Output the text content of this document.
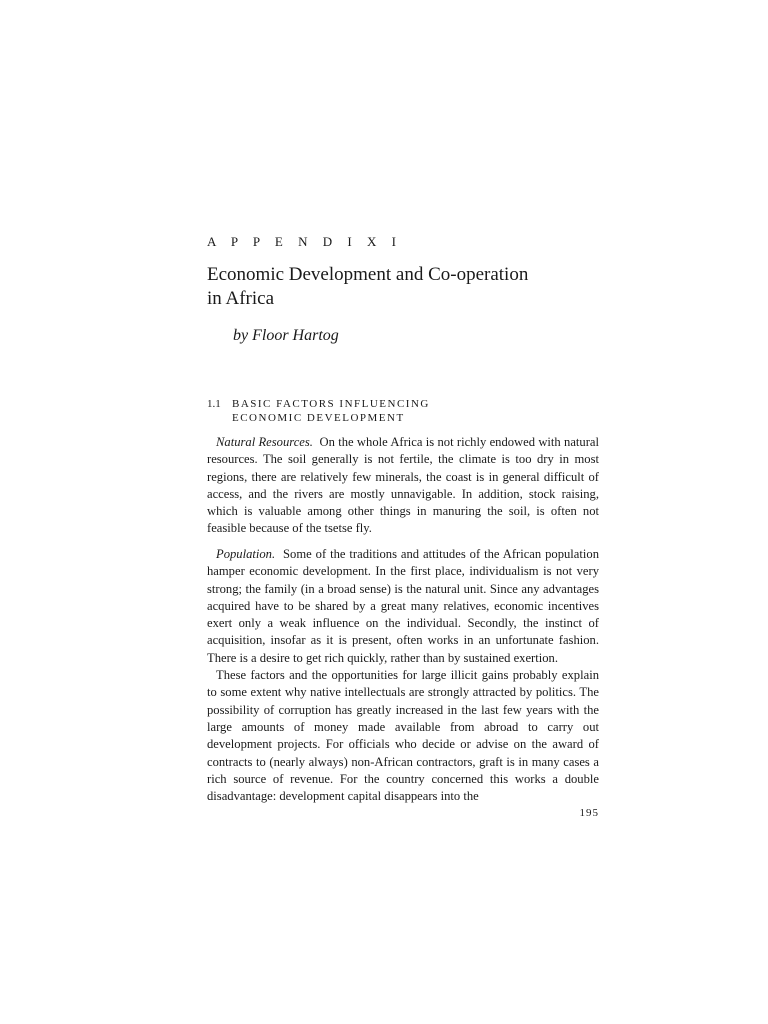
A P P E N D I X I
Economic Development and Co-operation
in Africa
by Floor Hartog
1.1 BASIC FACTORS INFLUENCING
ECONOMIC DEVELOPMENT

Natural Resources. On the whole Africa is not richly endowed with natural resources. The soil generally is not fertile, the climate is too dry in most regions, there are relatively few minerals, the coast is in general difficult of access, and the rivers are mostly unnavigable. In addition, stock raising, which is valuable among other things in manuring the soil, is often not feasible because of the tsetse fly.

Population. Some of the traditions and attitudes of the African population hamper economic development. In the first place, individualism is not very strong; the family (in a broad sense) is the natural unit. Since any advantages acquired have to be shared by a great many relatives, economic incentives exert only a weak influence on the individual. Secondly, the instinct of acquisition, insofar as it is present, often works in an unfortunate fashion. There is a desire to get rich quickly, rather than by sustained exertion.

These factors and the opportunities for large illicit gains probably explain to some extent why native intellectuals are strongly attracted by politics. The possibility of corruption has greatly increased in the last few years with the large amounts of money made available from abroad to carry out development projects. For officials who decide or advise on the award of contracts to (nearly always) non-African contractors, graft is in many cases a rich source of revenue. For the country concerned this works a double disadvantage: development capital disappears into the

195
